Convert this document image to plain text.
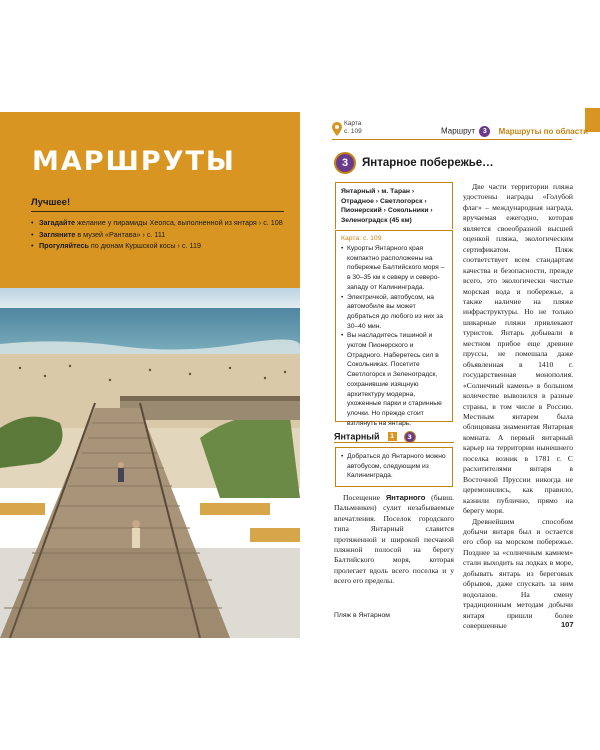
МАРШРУТЫ
Лучшее!
• Загадайте желание у пирамиды Хеопса, выполненной из янтаря › с. 108
• Загляните в музей «Рантава» › с. 111
• Прогуляйтесь по дюнам Куршской косы › с. 119
Карта
с. 109	Маршрут 3 Маршруты по области
3	Янтарное побережье…
Янтарный › м. Таран › Отрадное › Светлогорск › Пионерский › Сокольники › Зеленоградск (45 км)
Карта: с. 109
• Курорты Янтарного края компактно расположены на побережье Балтийского моря – в 30–35 км к северу и северо-западу от Калининграда.
• Электричкой, автобусом, на автомобиле вы может добраться до любого из них за 30–40 мин.
• Вы насладитесь тишиной и уютом Пионерского и Отрадного. Наберетесь сил в Сокольниках. Посетите Светлогорск и Зеленоградск, сохранившие изящную архитектуру модерна, ухоженные парки и старинные улочки. Но прежде стоит взглянуть на янтарь.
Янтарный 1 3
• Добраться до Янтарного можно автобусом, следующим из Калининграда.
Посещение Янтарного (бывш. Пальмникен) сулит незабываемые впечатления. Поселок городского типа Янтарный славится протяженной и широкой песчаной пляжной полосой на берегу Балтийского моря, которая пролегает вдоль всего поселка и у всего его пределы.
Пляж в Янтарном

Две части территории пляжа удостоены награды «Голубой флаг» – международная награда, вручаемая ежегодно, которая является своеобразной высшей оценкой пляжа, экологическим сертификатом. Пляж соответствует всем стандартам качества и безопасности, прежде всего, это экологически чистые морская вода и побережье, а также наличие на пляже инфраструктуры. Но не только шикарные пляжи привлекают туристов. Янтарь добывали в местном прибое еще древние пруссы, не помешала даже объявленная в 1410 г. государственная монополия. «Солнечный камень» в большом количестве вывозился в разные страны, в том числе в Россию. Местным янтарем была облицована знаменитая Янтарная комната. А первый янтарный карьер на территории нынешнего поселка возник в 1781 г. С расхитителями янтаря в Восточной Пруссии никогда не церемонились, как правило, казнили публично, прямо на берегу моря.

Древнейшим способом добычи янтаря был и остается его сбор на морском побережье. Позднее за «солнечным камнем» стали выходить на лодках в море, добывать янтарь из береговых обрывов, даже спускать за ним водолазов. На смену традиционным методам добычи янтаря пришли более совершенные	107
